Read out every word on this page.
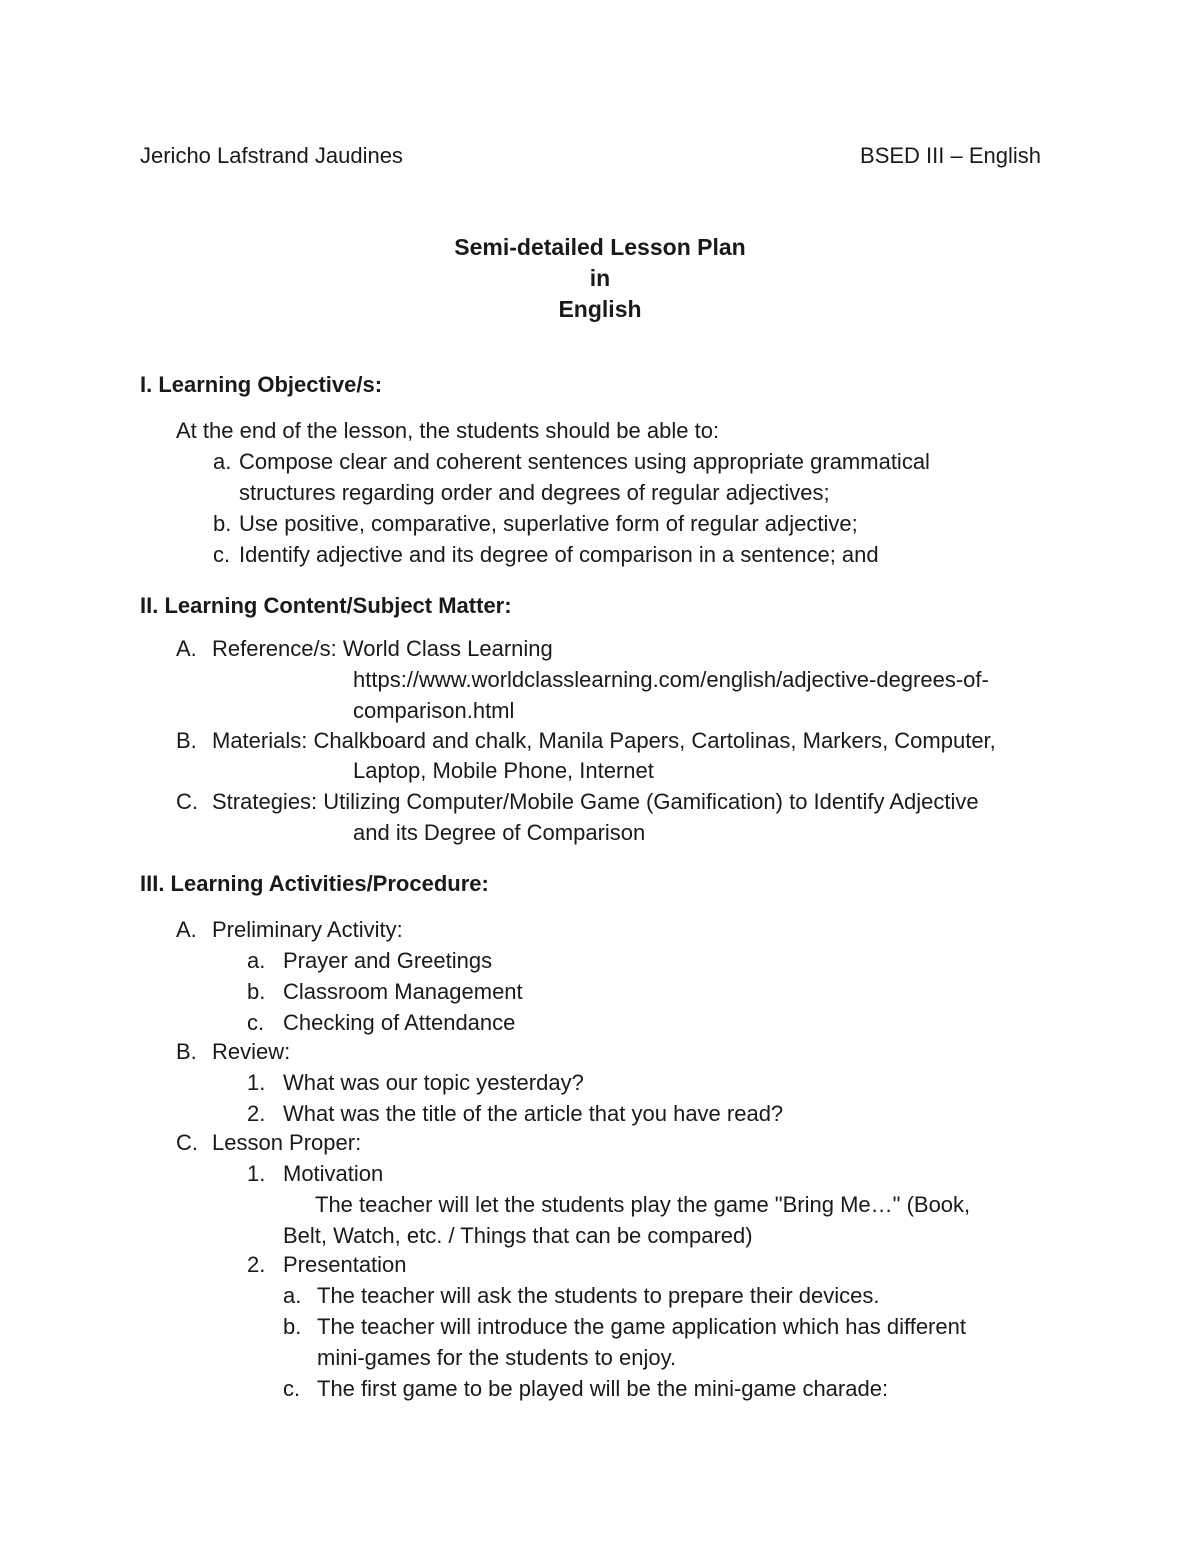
Jericho Lafstrand Jaudines	BSED III – English
Semi-detailed Lesson Plan
in
English
I. Learning Objective/s:
At the end of the lesson, the students should be able to:
a. Compose clear and coherent sentences using appropriate grammatical
structures regarding order and degrees of regular adjectives;
b. Use positive, comparative, superlative form of regular adjective;
c. Identify adjective and its degree of comparison in a sentence; and
II. Learning Content/Subject Matter:
A. Reference/s: World Class Learning
https://www.worldclasslearning.com/english/adjective-degrees-of-
comparison.html
B. Materials: Chalkboard and chalk, Manila Papers, Cartolinas, Markers, Computer,
Laptop, Mobile Phone, Internet
C. Strategies: Utilizing Computer/Mobile Game (Gamification) to Identify Adjective
and its Degree of Comparison
III. Learning Activities/Procedure:
A. Preliminary Activity:
a. Prayer and Greetings
b. Classroom Management
c. Checking of Attendance
B. Review:
1. What was our topic yesterday?
2. What was the title of the article that you have read?
C. Lesson Proper:
1. Motivation
The teacher will let the students play the game "Bring Me…" (Book,
Belt, Watch, etc. / Things that can be compared)
2. Presentation
a. The teacher will ask the students to prepare their devices.
b. The teacher will introduce the game application which has different
mini-games for the students to enjoy.
c. The first game to be played will be the mini-game charade:
